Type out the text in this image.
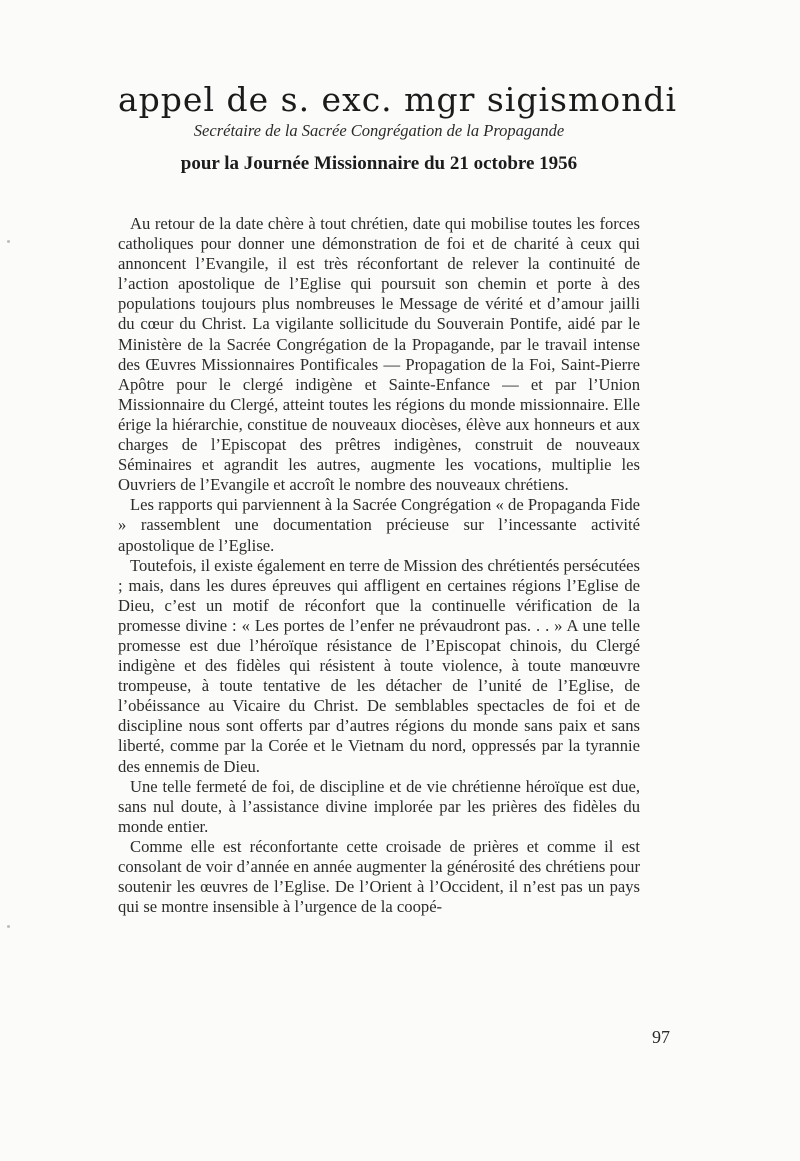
appel de s. exc. mgr sigismondi
Secrétaire de la Sacrée Congrégation de la Propagande
pour la Journée Missionnaire du 21 octobre 1956

Au retour de la date chère à tout chrétien, date qui mobilise toutes les forces catholiques pour donner une démonstration de foi et de charité à ceux qui annoncent l’Evangile, il est très réconfortant de relever la continuité de l’action apostolique de l’Eglise qui poursuit son chemin et porte à des populations toujours plus nombreuses le Message de vérité et d’amour jailli du cœur du Christ. La vigilante sollicitude du Souverain Pontife, aidé par le Ministère de la Sacrée Congrégation de la Propagande, par le travail intense des Œuvres Missionnaires Pontificales — Propagation de la Foi, Saint-Pierre Apôtre pour le clergé indigène et Sainte-Enfance — et par l’Union Missionnaire du Clergé, atteint toutes les régions du monde missionnaire. Elle érige la hiérarchie, constitue de nouveaux diocèses, élève aux honneurs et aux charges de l’Episcopat des prêtres indigènes, construit de nouveaux Séminaires et agrandit les autres, augmente les vocations, multiplie les Ouvriers de l’Evangile et accroît le nombre des nouveaux chrétiens.

Les rapports qui parviennent à la Sacrée Congrégation « de Propaganda Fide » rassemblent une documentation précieuse sur l’incessante activité apostolique de l’Eglise.

Toutefois, il existe également en terre de Mission des chrétientés persécutées ; mais, dans les dures épreuves qui affligent en certaines régions l’Eglise de Dieu, c’est un motif de réconfort que la continuelle vérification de la promesse divine : « Les portes de l’enfer ne prévaudront pas. . . » A une telle promesse est due l’héroïque résistance de l’Episcopat chinois, du Clergé indigène et des fidèles qui résistent à toute violence, à toute manœuvre trompeuse, à toute tentative de les détacher de l’unité de l’Eglise, de l’obéissance au Vicaire du Christ. De semblables spectacles de foi et de discipline nous sont offerts par d’autres régions du monde sans paix et sans liberté, comme par la Corée et le Vietnam du nord, oppressés par la tyrannie des ennemis de Dieu.

Une telle fermeté de foi, de discipline et de vie chrétienne héroïque est due, sans nul doute, à l’assistance divine implorée par les prières des fidèles du monde entier.

Comme elle est réconfortante cette croisade de prières et comme il est consolant de voir d’année en année augmenter la générosité des chrétiens pour soutenir les œuvres de l’Eglise. De l’Orient à l’Occident, il n’est pas un pays qui se montre insensible à l’urgence de la coopé-

97
